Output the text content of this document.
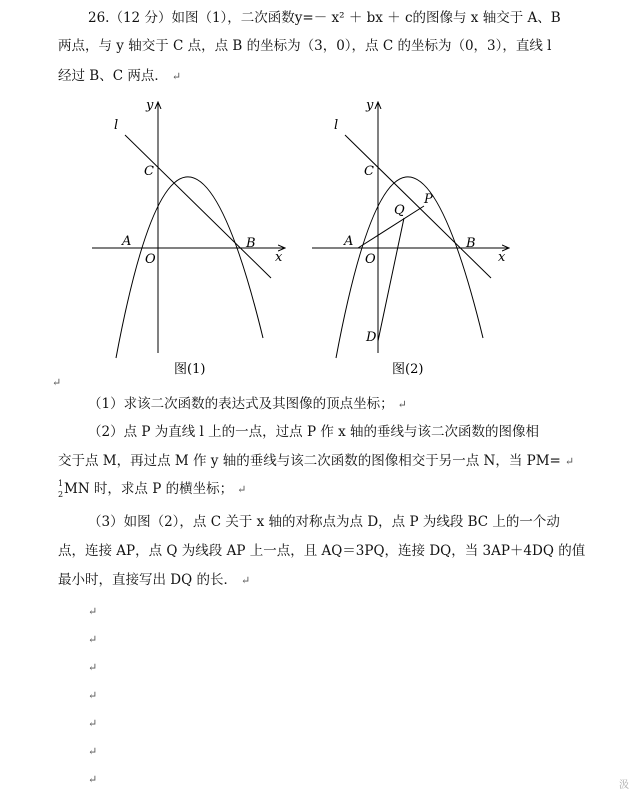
26.（12 分）如图（1），二次函数y=－ x² ＋ bx ＋ c的图像与 x 轴交于 A、B
两点，与 y 轴交于 C 点，点 B 的坐标为（3，0），点 C 的坐标为（0，3），直线 l
经过 B、C 两点． ↵
y
x
l
C
A
O
B
图(1)
y
x
l
C
A
O
B
P
Q
D
图(2)
↵
（1）求该二次函数的表达式及其图像的顶点坐标； ↵
（2）点 P 为直线 l 上的一点，过点 P 作 x 轴的垂线与该二次函数的图像相
交于点 M，再过点 M 作 y 轴的垂线与该二次函数的图像相交于另一点 N，当 PM= ↵
1
2 MN 时，求点 P 的横坐标； ↵
（3）如图（2），点 C 关于 x 轴的对称点为点 D，点 P 为线段 BC 上的一个动
点，连接 AP，点 Q 为线段 AP 上一点，且 AQ＝3PQ，连接 DQ，当 3AP＋4DQ 的值
最小时，直接写出 DQ 的长． ↵
↵
↵
↵
↵
↵
↵
↵	汲
